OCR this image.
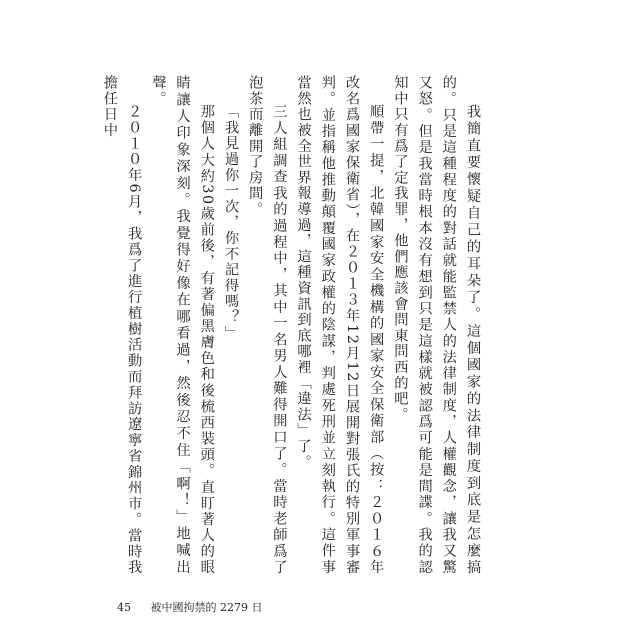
我簡直要懷疑自己的耳朵了。這個國家的法律制度到底是怎麼搞的。只是這種程度的對話就能監禁人的法律制度，人權觀念，讓我又驚又怒。但是我當時根本沒有想到只是這樣就被認爲可能是間諜。我的認知中只有爲了定我罪，他們應該會問東問西的吧。

順帶一提，北韓國家安全機構的國家安全保衛部（按：２０１６年改名爲國家保衛省），在２０１３年12月12日展開對張氏的特別軍事審判。並指稱他推動顛覆國家政權的陰謀，判處死刑並立刻執行。這件事當然也被全世界報導過，這種資訊到底哪裡「違法」了。

三人組調查我的過程中，其中一名男人難得開口了。當時老師爲了泡茶而離開了房間。

「我見過你一次，你不記得嗎？」

那個人大約30歲前後，有著偏黑膚色和後梳西裝頭。直盯著人的眼睛讓人印象深刻。我覺得好像在哪看過，然後忍不住「啊！」地喊出聲。

２０１０年6月，我爲了進行植樹活動而拜訪遼寧省錦州市。當時我擔任日中

45 被中國拘禁的 2279 日
